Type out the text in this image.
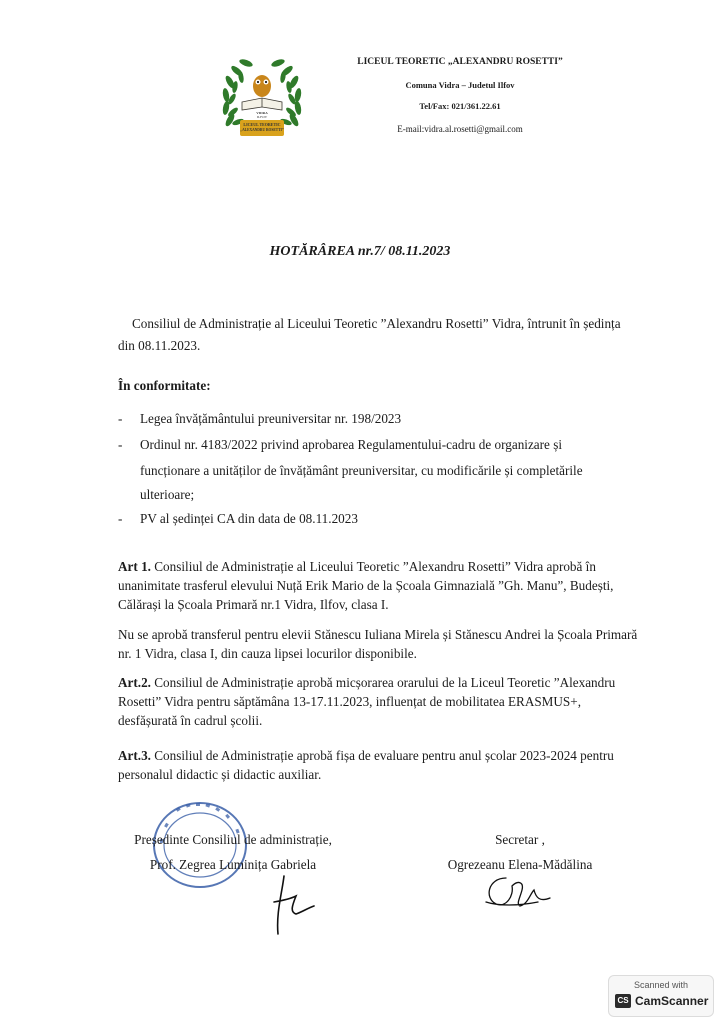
VIDRA
ILFOV
LICEUL TEORETIC
„ALEXANDRU ROSETTI”
LICEUL TEORETIC „ALEXANDRU ROSETTI”
Comuna Vidra – Judetul Ilfov
Tel/Fax: 021/361.22.61
E-mail:vidra.al.rosetti@gmail.com
HOTĂRÂREA nr.7/ 08.11.2023
Consiliul de Administrație al Liceului Teoretic ”Alexandru Rosetti” Vidra, întrunit în ședința din 08.11.2023.
În conformitate:
- Legea învățământului preuniversitar nr. 198/2023
- Ordinul nr. 4183/2022 privind aprobarea Regulamentului-cadru de organizare și
funcționare a unităților de învățământ preuniversitar, cu modificările și completările
ulterioare;
- PV al ședinței CA din data de 08.11.2023
Art 1. Consiliul de Administrație al Liceului Teoretic ”Alexandru Rosetti” Vidra aprobă în unanimitate trasferul elevului Nuță Erik Mario de la Școala Gimnazială ”Gh. Manu”, Budești, Călărași la Școala Primară nr.1 Vidra, Ilfov, clasa I.
Nu se aprobă transferul pentru elevii Stănescu Iuliana Mirela și Stănescu Andrei la Școala Primară nr. 1 Vidra, clasa I, din cauza lipsei locurilor disponibile.
Art.2. Consiliul de Administrație aprobă micșorarea orarului de la Liceul Teoretic ”Alexandru Rosetti” Vidra pentru săptămâna 13-17.11.2023, influențat de mobilitatea ERASMUS+, desfășurată în cadrul școlii.
Art.3. Consiliul de Administrație aprobă fișa de evaluare pentru anul școlar 2023-2024 pentru personalul didactic și didactic auxiliar.
Președinte Consiliul de administrație,
Prof. Zegrea Luminița Gabriela
Secretar ,
Ogrezeanu Elena-Mădălina
Scanned with
CS CamScanner
